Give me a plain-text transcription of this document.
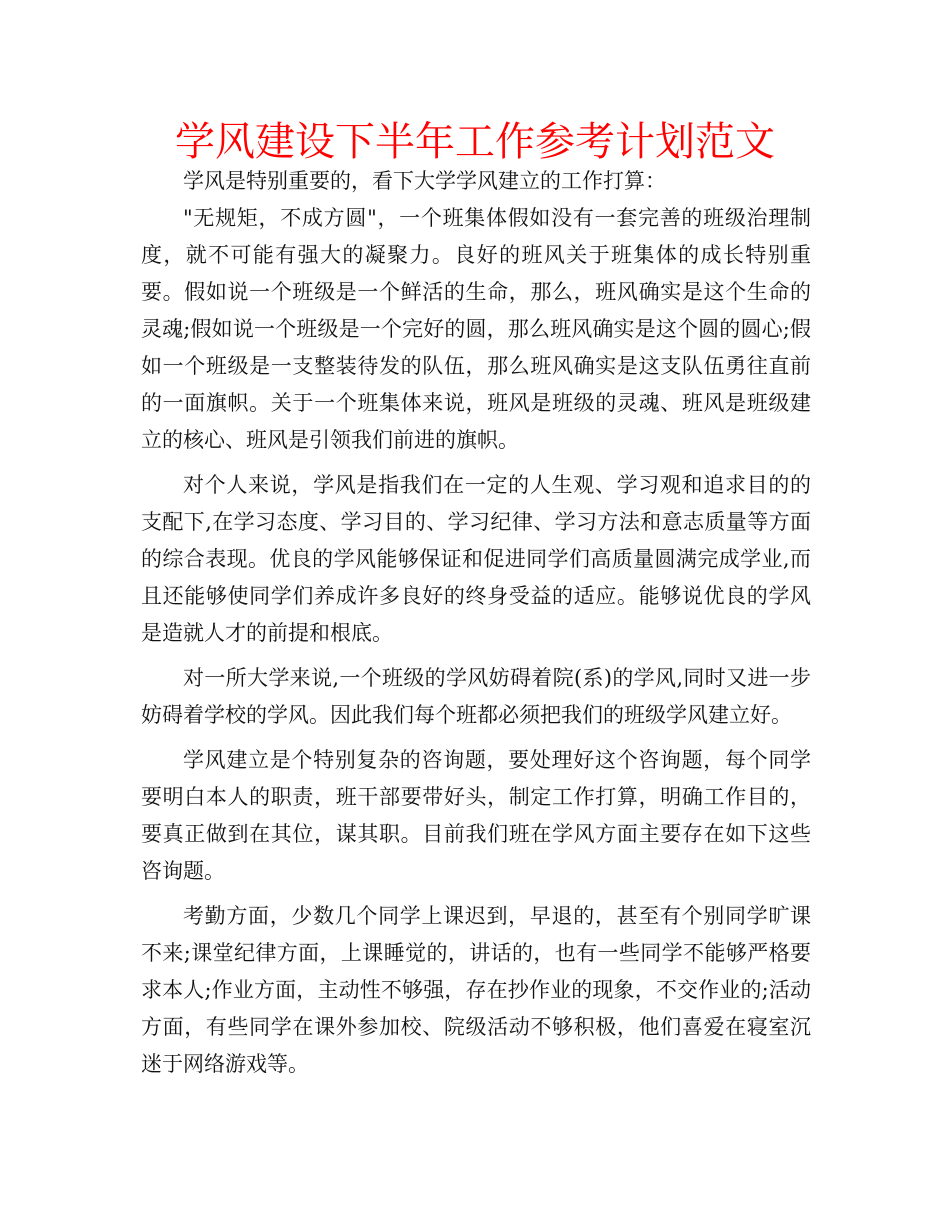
学风建设下半年工作参考计划范文

学风是特别重要的，看下大学学风建立的工作打算：

"无规矩，不成方圆"，一个班集体假如没有一套完善的班级治理制度，就不可能有强大的凝聚力。良好的班风关于班集体的成长特别重要。假如说一个班级是一个鲜活的生命，那么，班风确实是这个生命的灵魂;假如说一个班级是一个完好的圆，那么班风确实是这个圆的圆心;假如一个班级是一支整装待发的队伍，那么班风确实是这支队伍勇往直前的一面旗帜。关于一个班集体来说，班风是班级的灵魂、班风是班级建立的核心、班风是引领我们前进的旗帜。

对个人来说，学风是指我们在一定的人生观、学习观和追求目的的支配下,在学习态度、学习目的、学习纪律、学习方法和意志质量等方面的综合表现。优良的学风能够保证和促进同学们高质量圆满完成学业,而且还能够使同学们养成许多良好的终身受益的适应。能够说优良的学风是造就人才的前提和根底。

对一所大学来说,一个班级的学风妨碍着院(系)的学风,同时又进一步妨碍着学校的学风。因此我们每个班都必须把我们的班级学风建立好。

学风建立是个特别复杂的咨询题，要处理好这个咨询题，每个同学要明白本人的职责，班干部要带好头，制定工作打算，明确工作目的，要真正做到在其位，谋其职。目前我们班在学风方面主要存在如下这些咨询题。

考勤方面，少数几个同学上课迟到，早退的，甚至有个别同学旷课不来;课堂纪律方面，上课睡觉的，讲话的，也有一些同学不能够严格要求本人;作业方面，主动性不够强，存在抄作业的现象，不交作业的;活动方面，有些同学在课外参加校、院级活动不够积极，他们喜爱在寝室沉迷于网络游戏等。
